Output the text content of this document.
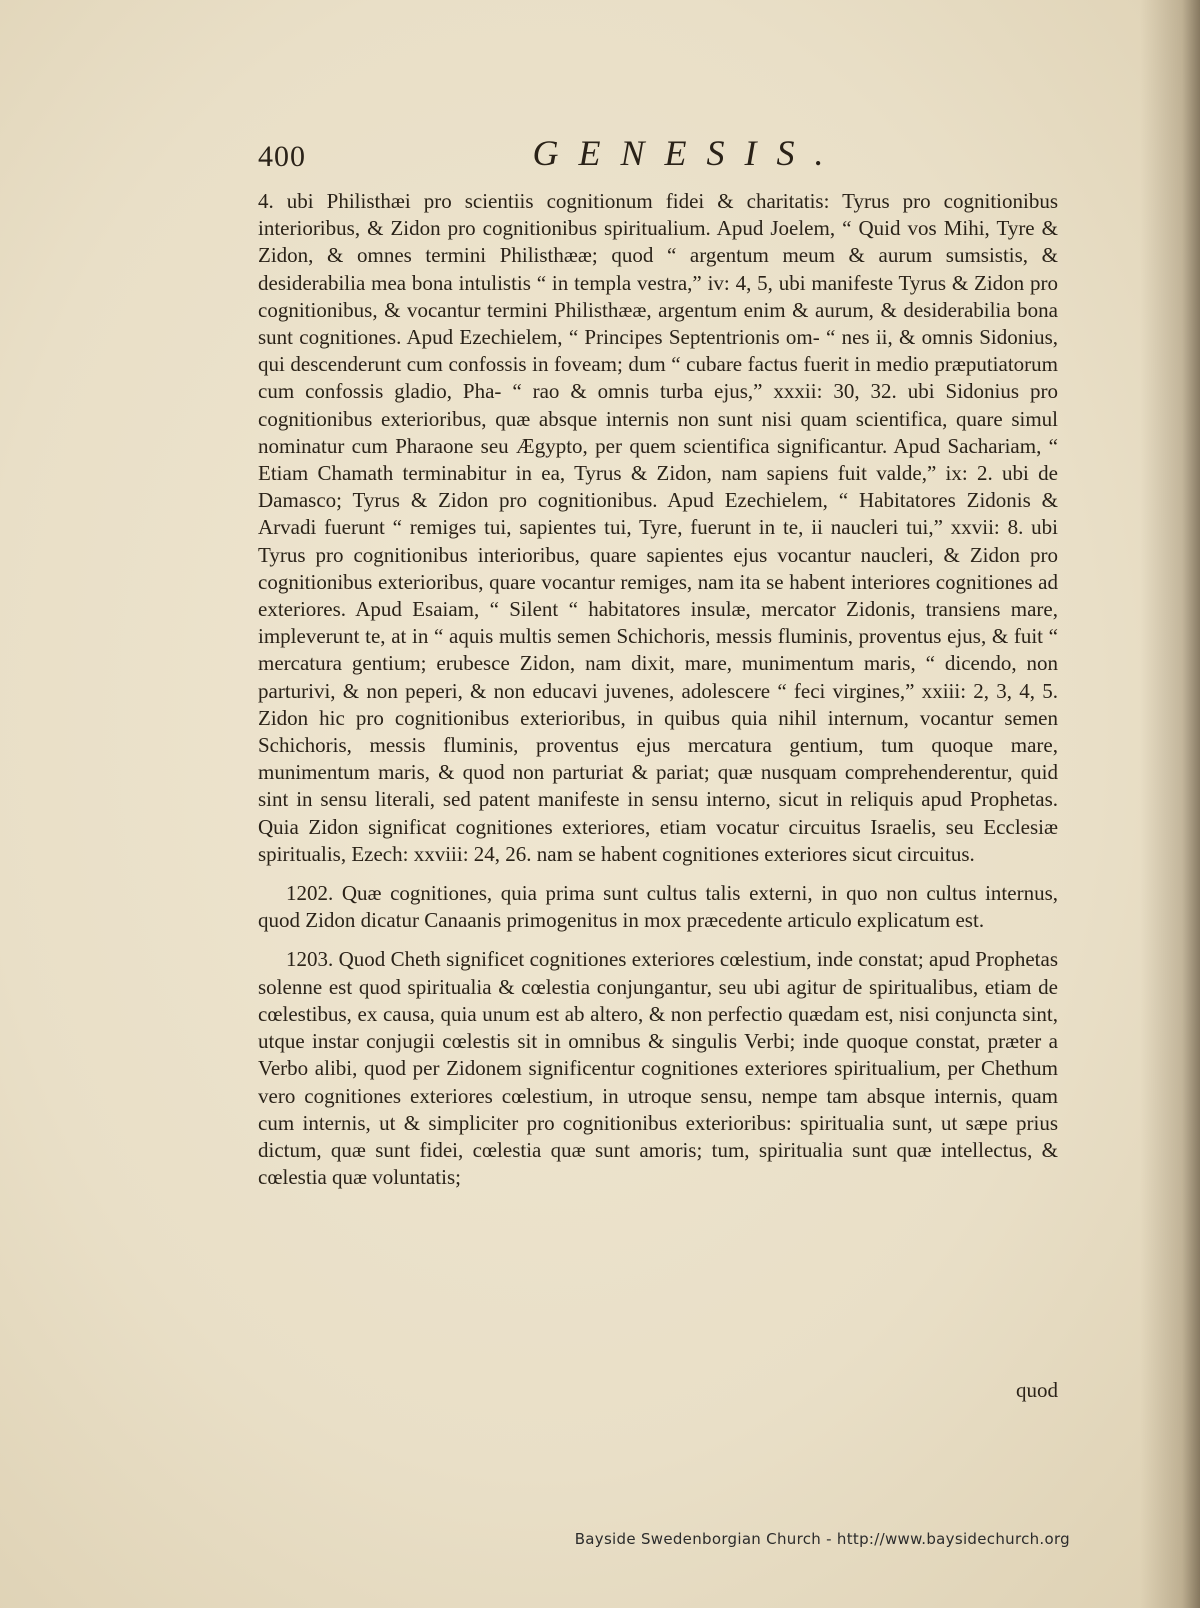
400	GENESIS.

4. ubi Philisthæi pro scientiis cognitionum fidei & charitatis: Tyrus pro cognitionibus interioribus, & Zidon pro cognitionibus spiritualium. Apud Joelem, “ Quid vos Mihi, Tyre & Zidon, & omnes termini Philisthææ; quod “ argentum meum & aurum sumsistis, & desiderabilia mea bona intulistis “ in templa vestra,” iv: 4, 5, ubi manifeste Tyrus & Zidon pro cognitionibus, & vocantur termini Philisthææ, argentum enim & aurum, & desiderabilia bona sunt cognitiones. Apud Ezechielem, “ Principes Septentrionis om- “ nes ii, & omnis Sidonius, qui descenderunt cum confossis in foveam; dum “ cubare factus fuerit in medio præputiatorum cum confossis gladio, Pha- “ rao & omnis turba ejus,” xxxii: 30, 32. ubi Sidonius pro cognitionibus exterioribus, quæ absque internis non sunt nisi quam scientifica, quare simul nominatur cum Pharaone seu Ægypto, per quem scientifica significantur. Apud Sachariam, “ Etiam Chamath terminabitur in ea, Tyrus & Zidon, nam sapiens fuit valde,” ix: 2. ubi de Damasco; Tyrus & Zidon pro cognitionibus. Apud Ezechielem, “ Habitatores Zidonis & Arvadi fuerunt “ remiges tui, sapientes tui, Tyre, fuerunt in te, ii naucleri tui,” xxvii: 8. ubi Tyrus pro cognitionibus interioribus, quare sapientes ejus vocantur naucleri, & Zidon pro cognitionibus exterioribus, quare vocantur remiges, nam ita se habent interiores cognitiones ad exteriores. Apud Esaiam, “ Silent “ habitatores insulæ, mercator Zidonis, transiens mare, impleverunt te, at in “ aquis multis semen Schichoris, messis fluminis, proventus ejus, & fuit “ mercatura gentium; erubesce Zidon, nam dixit, mare, munimentum maris, “ dicendo, non parturivi, & non peperi, & non educavi juvenes, adolescere “ feci virgines,” xxiii: 2, 3, 4, 5. Zidon hic pro cognitionibus exterioribus, in quibus quia nihil internum, vocantur semen Schichoris, messis fluminis, proventus ejus mercatura gentium, tum quoque mare, munimentum maris, & quod non parturiat & pariat; quæ nusquam comprehenderentur, quid sint in sensu literali, sed patent manifeste in sensu interno, sicut in reliquis apud Prophetas. Quia Zidon significat cognitiones exteriores, etiam vocatur circuitus Israelis, seu Ecclesiæ spiritualis, Ezech: xxviii: 24, 26. nam se habent cognitiones exteriores sicut circuitus.

1202. Quæ cognitiones, quia prima sunt cultus talis externi, in quo non cultus internus, quod Zidon dicatur Canaanis primogenitus in mox præcedente articulo explicatum est.

1203. Quod Cheth significet cognitiones exteriores cœlestium, inde constat; apud Prophetas solenne est quod spiritualia & cœlestia conjungantur, seu ubi agitur de spiritualibus, etiam de cœlestibus, ex causa, quia unum est ab altero, & non perfectio quædam est, nisi conjuncta sint, utque instar conjugii cœlestis sit in omnibus & singulis Verbi; inde quoque constat, præter a Verbo alibi, quod per Zidonem significentur cognitiones exteriores spiritualium, per Chethum vero cognitiones exteriores cœlestium, in utroque sensu, nempe tam absque internis, quam cum internis, ut & simpliciter pro cognitionibus exterioribus: spiritualia sunt, ut sæpe prius dictum, quæ sunt fidei, cœlestia quæ sunt amoris; tum, spiritualia sunt quæ intellectus, & cœlestia quæ voluntatis;

quod
Bayside Swedenborgian Church - http://www.baysidechurch.org
